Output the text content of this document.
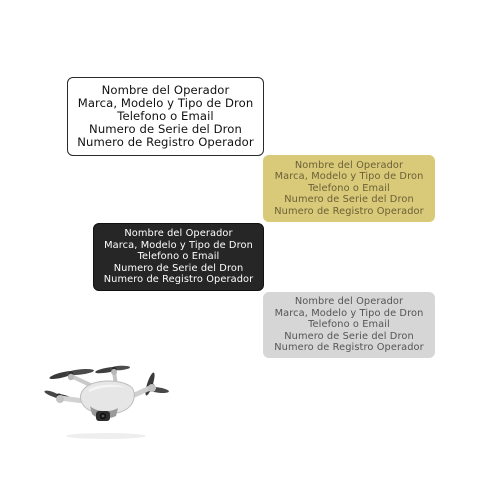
Nombre del Operador
Marca, Modelo y Tipo de Dron
Telefono o Email
Numero de Serie del Dron
Numero de Registro Operador
Nombre del Operador
Marca, Modelo y Tipo de Dron
Telefono o Email
Numero de Serie del Dron
Numero de Registro Operador
Nombre del Operador
Marca, Modelo y Tipo de Dron
Telefono o Email
Numero de Serie del Dron
Numero de Registro Operador
Nombre del Operador
Marca, Modelo y Tipo de Dron
Telefono o Email
Numero de Serie del Dron
Numero de Registro Operador
